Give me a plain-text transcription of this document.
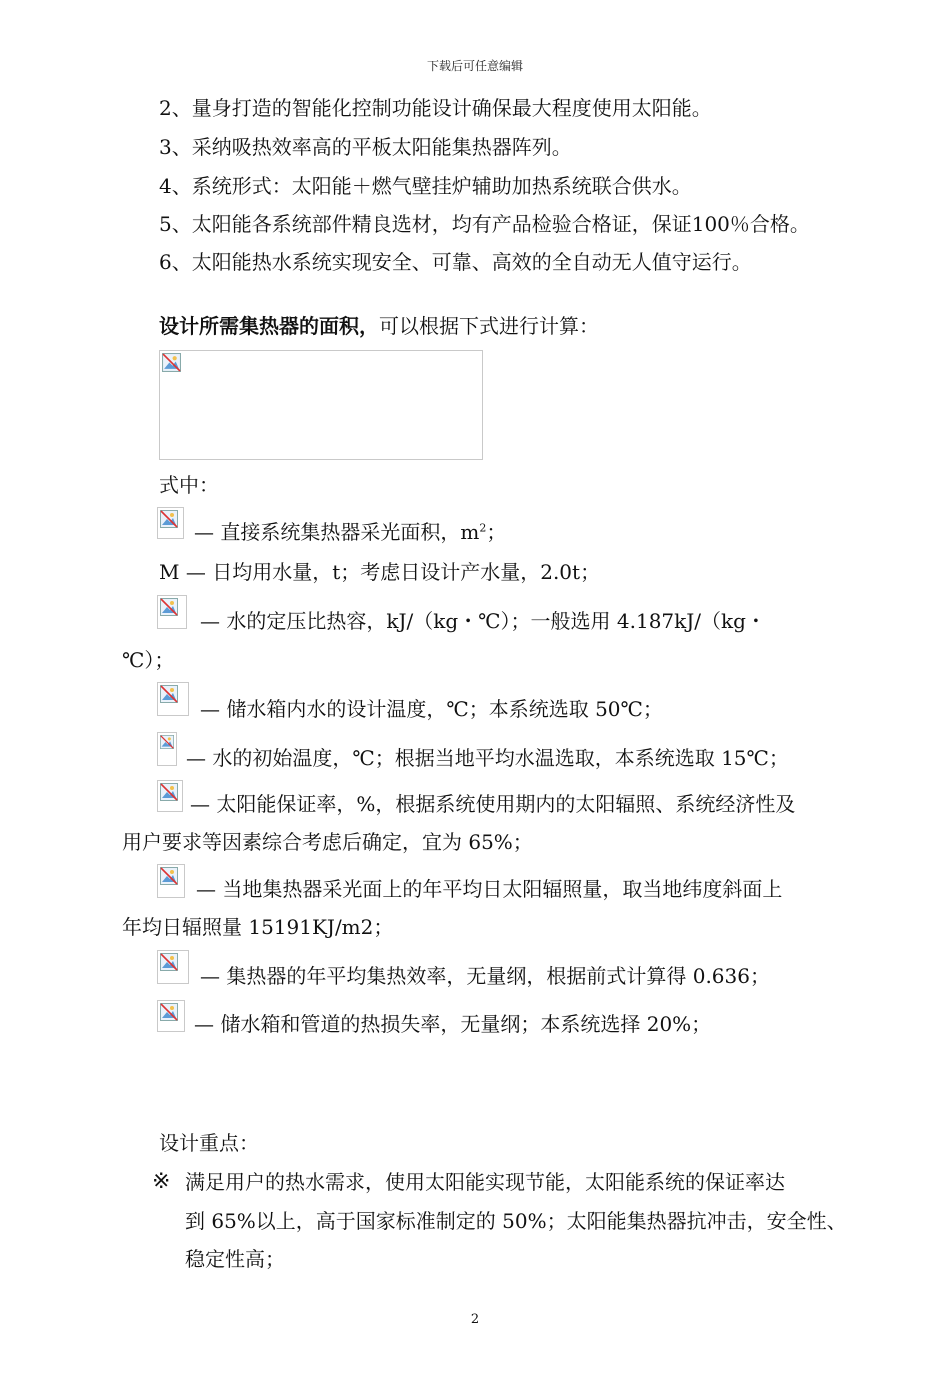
下载后可任意编辑
2、量身打造的智能化控制功能设计确保最大程度使用太阳能。
3、采纳吸热效率高的平板太阳能集热器阵列。
4、系统形式：太阳能＋燃气壁挂炉辅助加热系统联合供水。
5、太阳能各系统部件精良选材，均有产品检验合格证，保证100％合格。
6、太阳能热水系统实现安全、可靠、高效的全自动无人值守运行。
设计所需集热器的面积，可以根据下式进行计算：
式中：
— 直接系统集热器采光面积，$m^2$；
M — 日均用水量，t；考虑日设计产水量，2.0t；
— 水的定压比热容，kJ/（kg・℃）；一般选用 4.187kJ/（kg・
℃）；
— 储水箱内水的设计温度，℃；本系统选取 50℃；
— 水的初始温度，℃；根据当地平均水温选取，本系统选取 15℃；
— 太阳能保证率，%，根据系统使用期内的太阳辐照、系统经济性及
用户要求等因素综合考虑后确定，宜为 65%；
— 当地集热器采光面上的年平均日太阳辐照量，取当地纬度斜面上
年均日辐照量 15191KJ/m2；
— 集热器的年平均集热效率，无量纲，根据前式计算得 0.636；
— 储水箱和管道的热损失率，无量纲；本系统选择 20%；
设计重点：
※ 满足用户的热水需求，使用太阳能实现节能，太阳能系统的保证率达
到 65%以上，高于国家标准制定的 50%；太阳能集热器抗冲击，安全性、
稳定性高；
2
